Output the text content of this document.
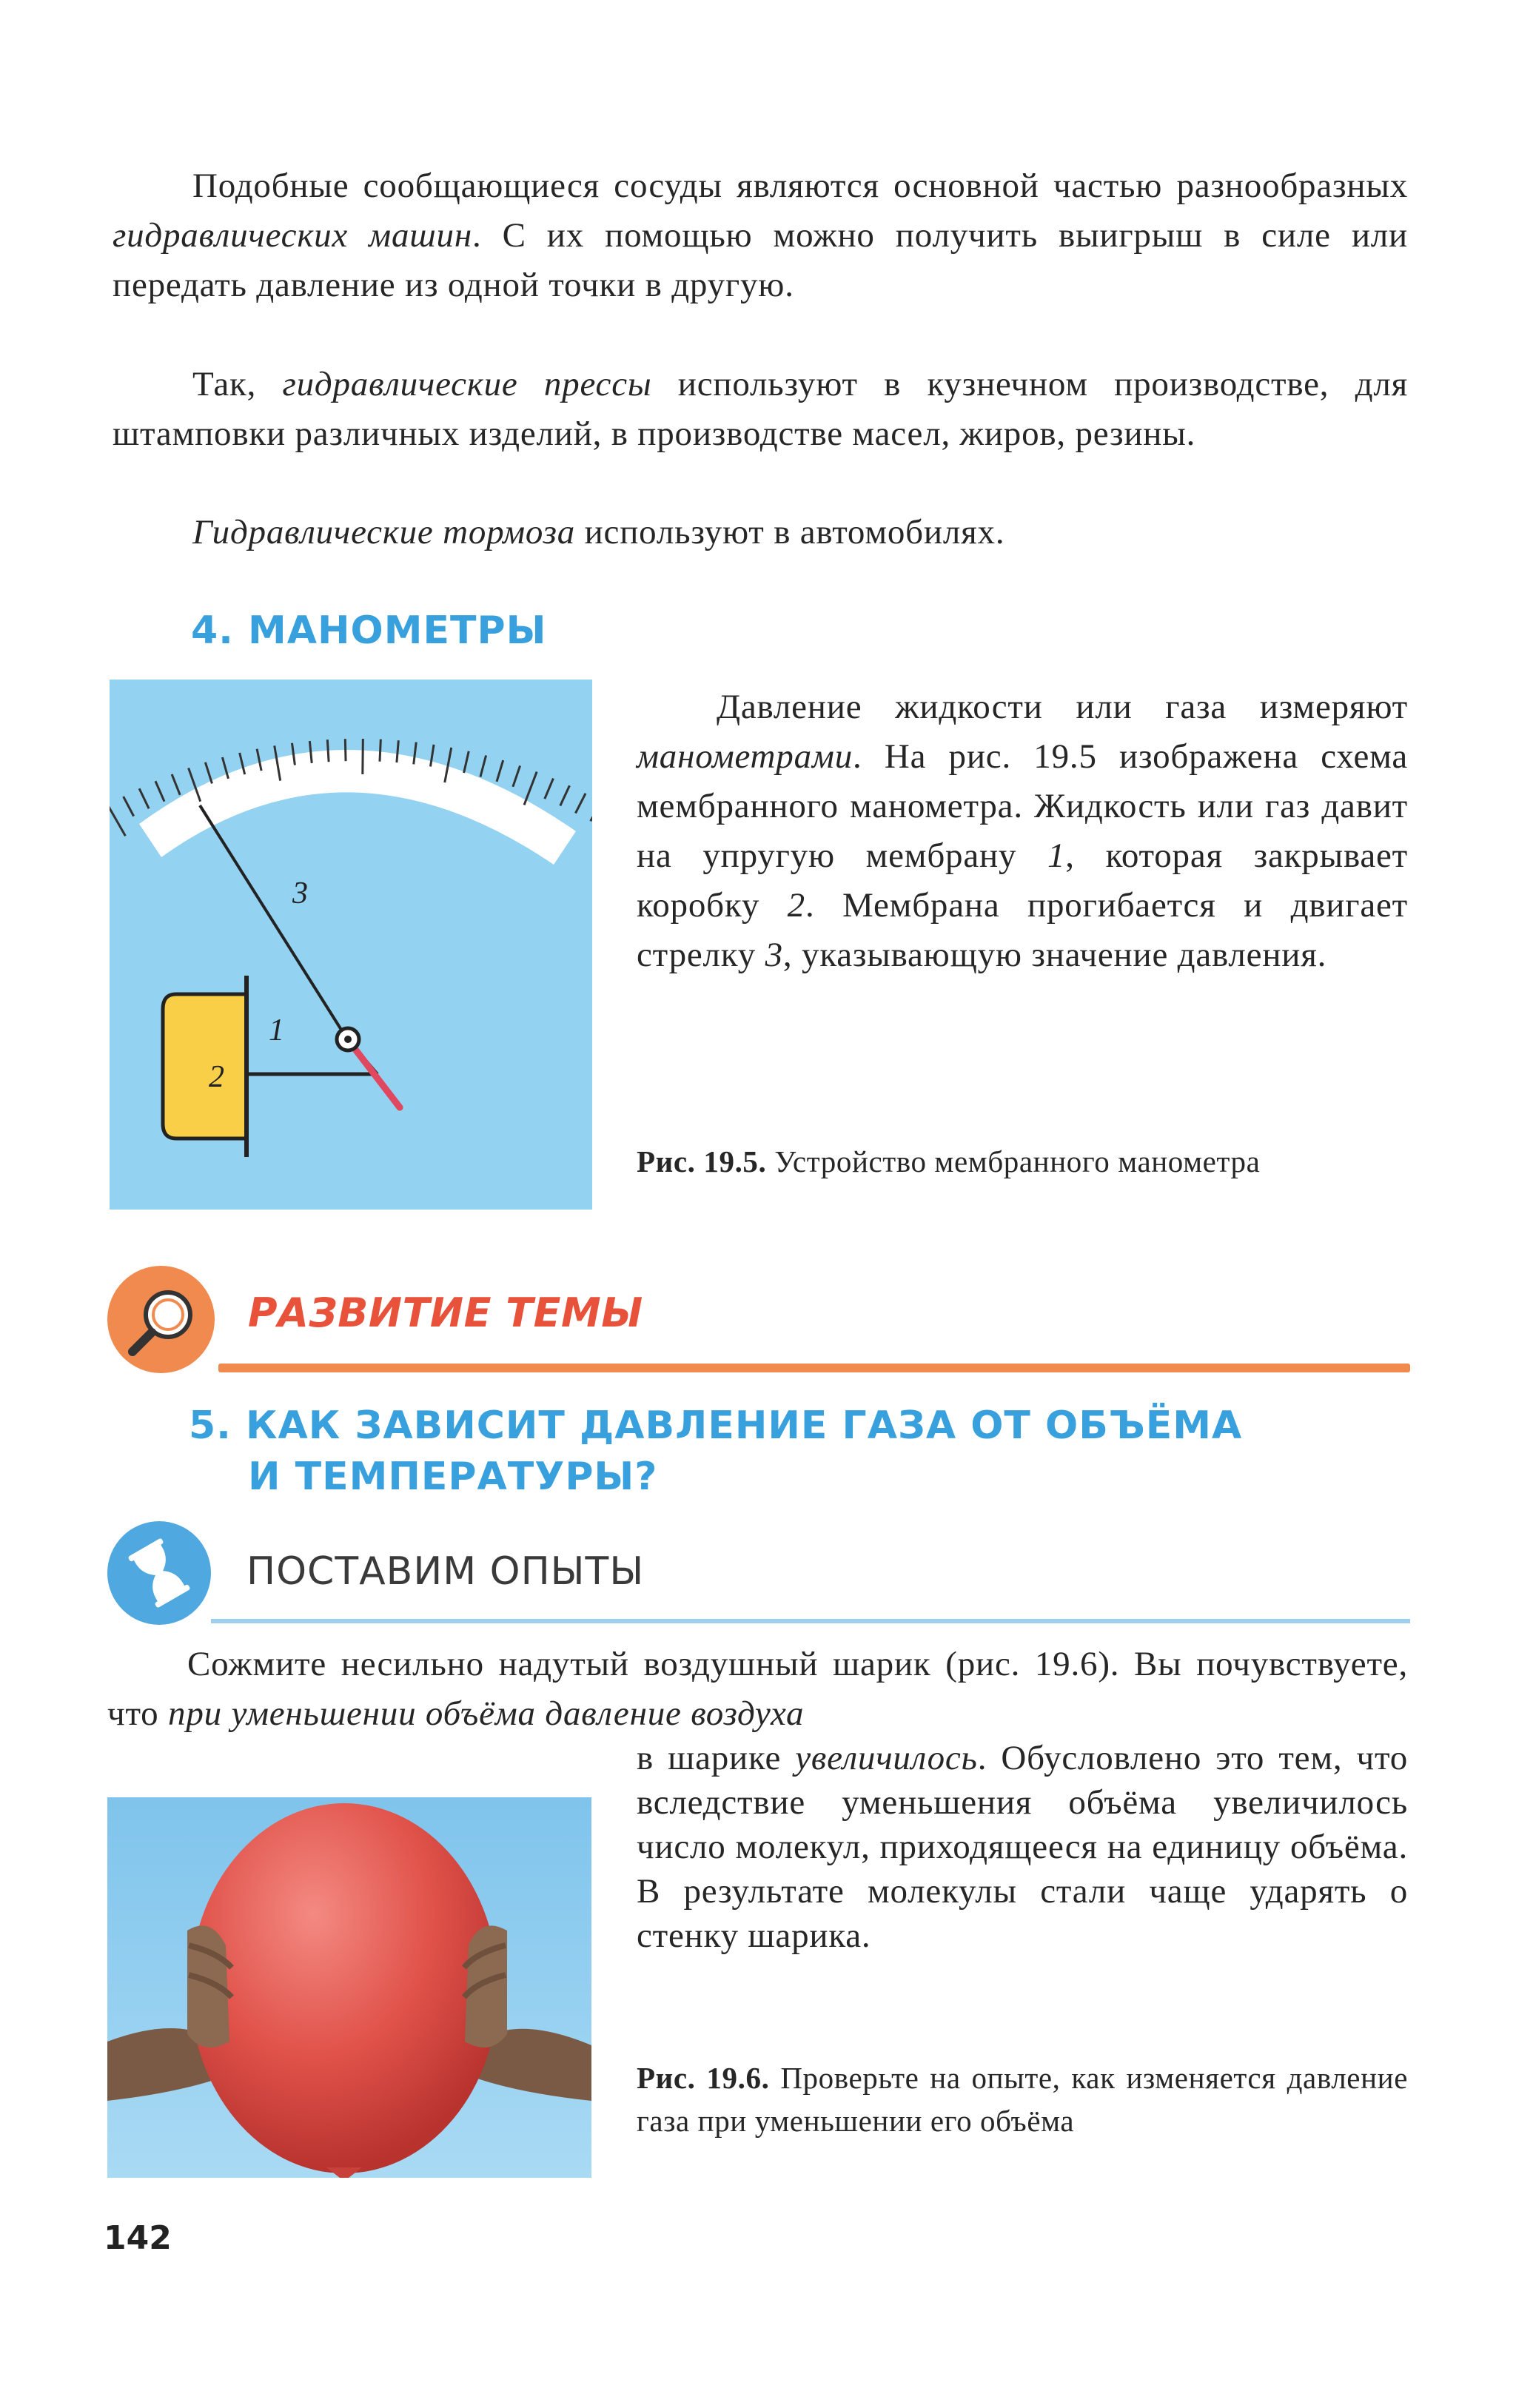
Подобные сообщающиеся сосуды являются основной частью разнообразных гидравлических машин. С их помощью можно получить выигрыш в силе или передать давление из одной точки в другую.

Так, гидравлические прессы используют в кузнечном производстве, для штамповки различных изделий, в производстве масел, жиров, резины.

Гидравлические тормоза используют в автомобилях.

4. МАНОМЕТРЫ
3
1
2

Давление жидкости или газа измеряют манометрами. На рис. 19.5 изображена схема мембранного манометра. Жидкость или газ давит на упругую мембрану 1, которая закрывает коробку 2. Мембрана прогибается и двигает стрелку 3, указывающую значение давления.

Рис. 19.5. Устройство мембранного манометра

РАЗВИТИЕ ТЕМЫ
5. КАК ЗАВИСИТ ДАВЛЕНИЕ ГАЗА ОТ ОБЪЁМА
И ТЕМПЕРАТУРЫ?
ПОСТАВИМ ОПЫТЫ

Сожмите несильно надутый воздушный шарик (рис. 19.6). Вы почувствуете, что при уменьшении объёма давление воздуха

в шарике увеличилось. Обусловлено это тем, что вследствие уменьшения объёма увеличилось число молекул, приходящееся на единицу объёма. В результате молекулы стали чаще ударять о стенку шарика.

Рис. 19.6. Проверьте на опыте, как изменяется давление газа при уменьшении его объёма

142
